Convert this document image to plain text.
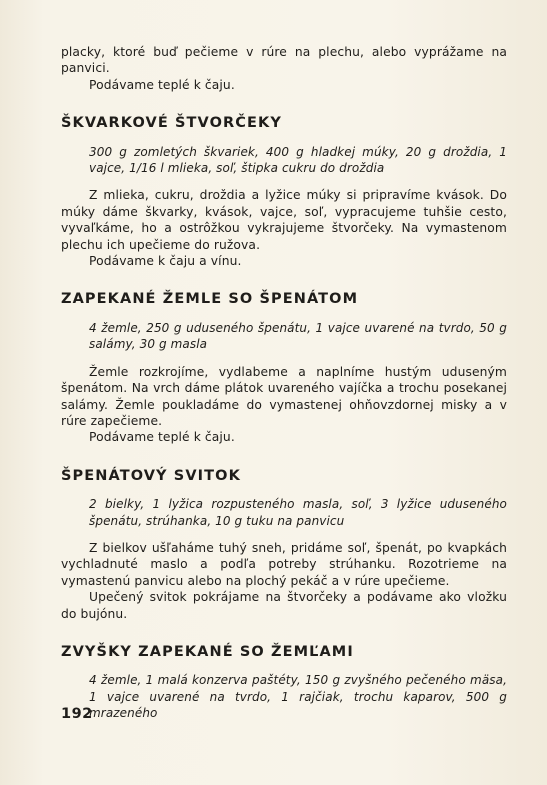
placky, ktoré buď pečieme v rúre na plechu, alebo vyprážame na panvici.

Podávame teplé k čaju.

ŠKVARKOVÉ ŠTVORČEKY

300 g zomletých škvariek, 400 g hladkej múky, 20 g droždia, 1 vajce, 1/16 l mlieka, soľ, štipka cukru do droždia

Z mlieka, cukru, droždia a lyžice múky si pripravíme kvások. Do múky dáme škvarky, kvások, vajce, soľ, vypracujeme tuhšie cesto, vyvaľkáme, ho a ostrôžkou vykrajujeme štvorčeky. Na vymastenom plechu ich upečieme do ružova.

Podávame k čaju a vínu.

ZAPEKANÉ ŽEMLE SO ŠPENÁTOM

4 žemle, 250 g uduseného špenátu, 1 vajce uvarené na tvrdo, 50 g salámy, 30 g masla

Žemle rozkrojíme, vydlabeme a naplníme hustým uduseným špenátom. Na vrch dáme plátok uvareného vajíčka a trochu posekanej salámy. Žemle poukladáme do vymastenej ohňovzdornej misky a v rúre zapečieme.

Podávame teplé k čaju.

ŠPENÁTOVÝ SVITOK

2 bielky, 1 lyžica rozpusteného masla, soľ, 3 lyžice uduseného špenátu, strúhanka, 10 g tuku na panvicu

Z bielkov ušľaháme tuhý sneh, pridáme soľ, špenát, po kvapkách vychladnuté maslo a podľa potreby strúhanku. Rozotrieme na vymastenú panvicu alebo na plochý pekáč a v rúre upečieme.

Upečený svitok pokrájame na štvorčeky a podávame ako vložku do bujónu.

ZVYŠKY ZAPEKANÉ SO ŽEMĽAMI

4 žemle, 1 malá konzerva paštéty, 150 g zvyšného pečeného mäsa, 1 vajce uvarené na tvrdo, 1 rajčiak, trochu kaparov, 500 g mrazeného

192
